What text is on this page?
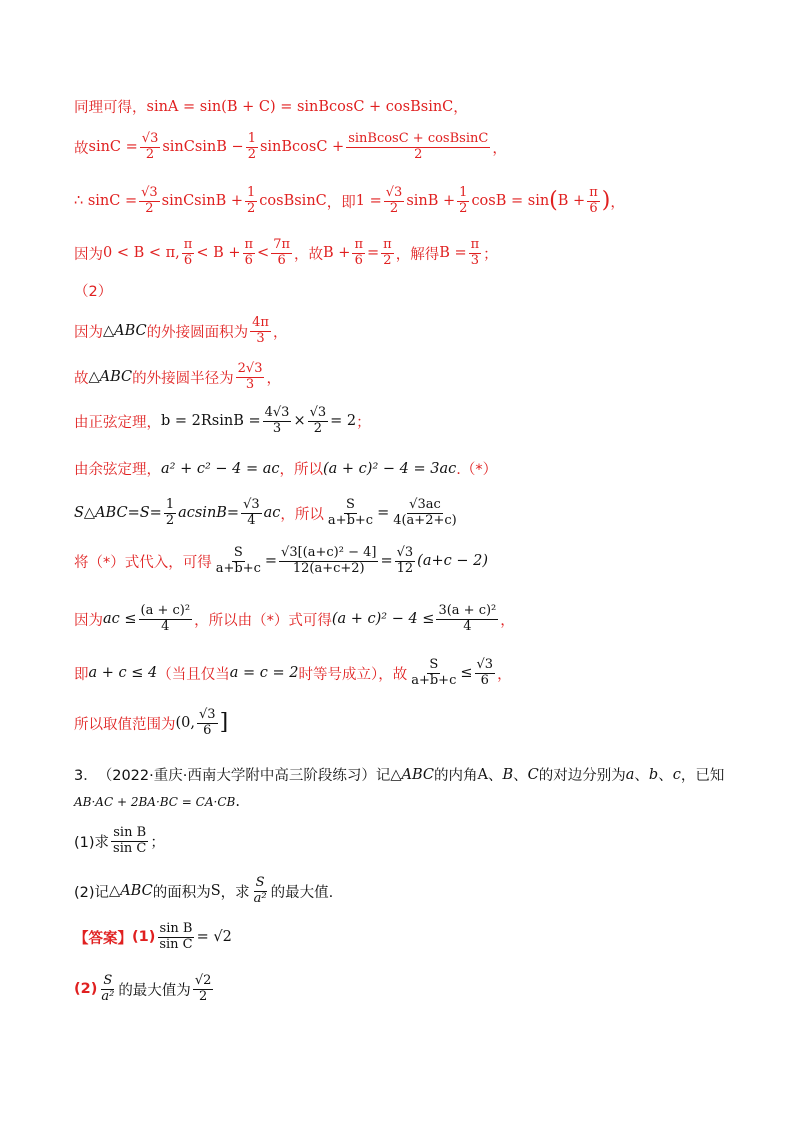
同理可得， sinA = sin(B + C) = sinBcosC + cosBsinC ，
故 $\sin C = \frac{√3}{2}$ sinCsinB − $\frac{1}{2}$ sinBcosC + $\frac{\text{sinBcosC + cosBsinC}}{2}$ ，
∴ $\sin C = \frac{√3}{2}$ sinCsinB + $\frac{1}{2}$ cosBsinC ，即 $1 = \frac{√3}{2}$ $\sin B + \frac{1}{2}$ cosB = sin ( $B + \frac{\pi}{6}$ ) ，
因为 0 < B < π, $\frac{\pi}{6} < B + \frac{\pi}{6} < \frac{7\pi}{6}$ ，故 $B + \frac{\pi}{6} = \frac{\pi}{2}$ ，解得 $B = \frac{\pi}{3}$ ；
（2）
因为 △ABC 的外接圆面积为 $\frac{4\pi}{3}$ ，
故 △ABC 的外接圆半径为 $\frac{2√3}{3}$ ，
由正弦定理， $b = 2RsinB = \frac{4√3}{3} \times \frac{√3}{2} = 2$ ；
由余弦定理， a² + c² − 4 = ac ，所以 (a + c)² − 4 = 3ac .（*）
S△ABC=S= $\frac{1}{2} acsinB= \frac{√3}{4}$ ac ，所以 $\frac{S}{a+b+c} = \frac{√3ac}{4(a+2+c)}$
将（*）式代入，可得 $\frac{S}{a+b+c} = \frac{\text{√3[(a+c)² − 4]}}{12(a+c+2)} = \frac{√3}{12} (a+c - 2)$
因为 ac ≤ $\frac{\text{(a + c)²}}{4}$ ，所以由（*）式可得 $(a + c)^2 - 4 \le \frac{\text{3(a + c)²}}{4}$ ，
即 a + c ≤ 4 （当且仅当 a = c = 2 时等号成立），故 $\frac{S}{a+b+c} \le \frac{√3}{6}$ ，
所以取值范围为 (0, $\frac{√3}{6}$ ]
3． （2022·重庆·西南大学附中高三阶段练习）记 △ABC 的内角 A 、 B 、 C 的对边分别为 a 、 b 、 c ，已知
AB·AC + 2BA·BC = CA·CB .
(1)求 $\frac{\text{sin B}}{\text{sin C}}$ ；
(2)记 △ABC 的面积为 S ，求 $\frac{S}{\text{a²}}$ 的最大值.
【答案】 $(1) \frac{\text{sin B}}{\text{sin C}} = √2$
$(2) \frac{S}{\text{a²}}$ 的最大值为 $\frac{√2}{2}$
